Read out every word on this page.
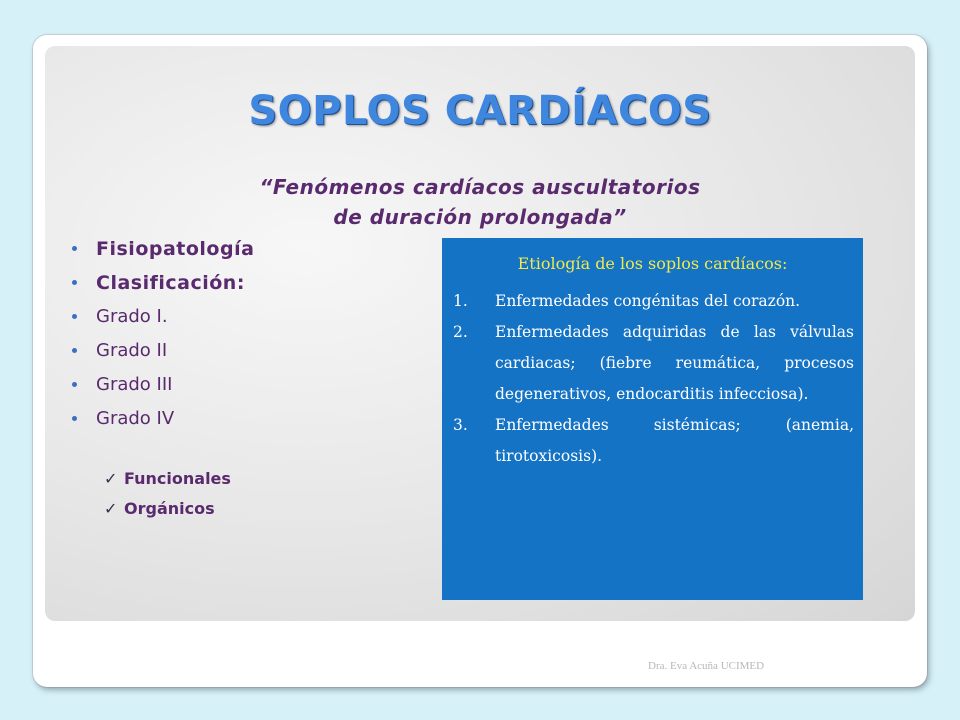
SOPLOS CARDÍACOS
“Fenómenos cardíacos auscultatorios
de duración prolongada”
Fisiopatología
Clasificación:
Grado I.
Grado II
Grado III
Grado IV
✓ Funcionales
✓ Orgánicos
Etiología de los soplos cardíacos:
1. Enfermedades congénitas del corazón.
2. Enfermedades adquiridas de las válvulas cardiacas; (fiebre reumática, procesos degenerativos, endocarditis infecciosa).
3. Enfermedades sistémicas; (anemia, tirotoxicosis).
Dra. Eva Acuña UCIMED
